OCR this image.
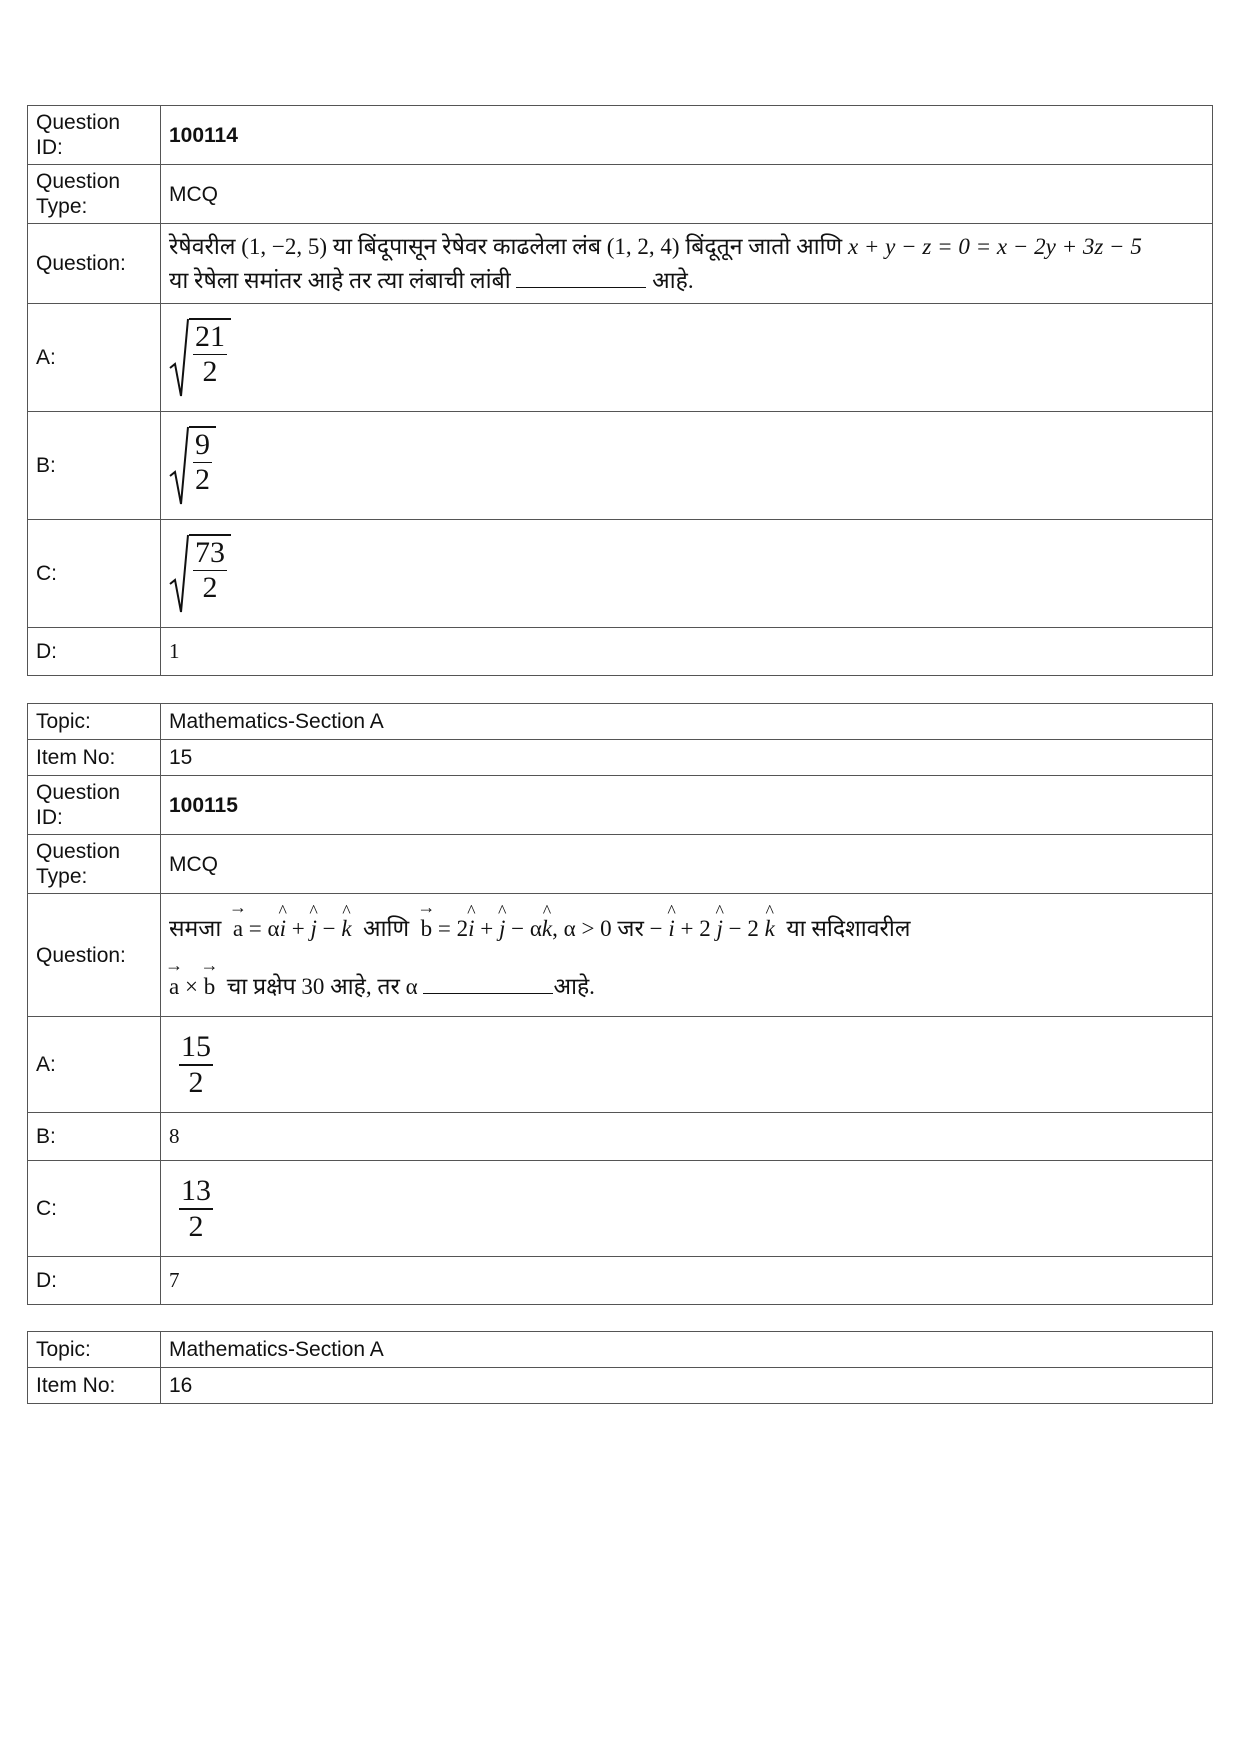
Question ID:	100114
Question Type:	MCQ
Question:	रेषेवरील (1, −2, 5) या बिंदूपासून रेषेवर काढलेला लंब (1, 2, 4) बिंदूतून जातो आणि x + y − z = 0 = x − 2y + 3z − 5
या रेषेला समांतर आहे तर त्या लंबाची लांबी आहे.
A:	$\frac{21}{2}$

B:	$\frac{9}{2}$

C:	$\frac{73}{2}$

D:	1
Topic:	Mathematics-Section A
Item No:	15
Question ID:	100115
Question Type:	MCQ
Question:	समजा → a = α^ i + ^ j − ^ k आणि → b = 2^ i + ^ j − α^ k, α > 0 जर − ^ i + 2 ^ j − 2 ^ k या सदिशावरील
→ a × → b चा प्रक्षेप 30 आहे, तर α आहे.
A:	$\frac{15}{2}$

B:	8
C:	$\frac{13}{2}$

D:	7
Topic:	Mathematics-Section A
Item No:	16
